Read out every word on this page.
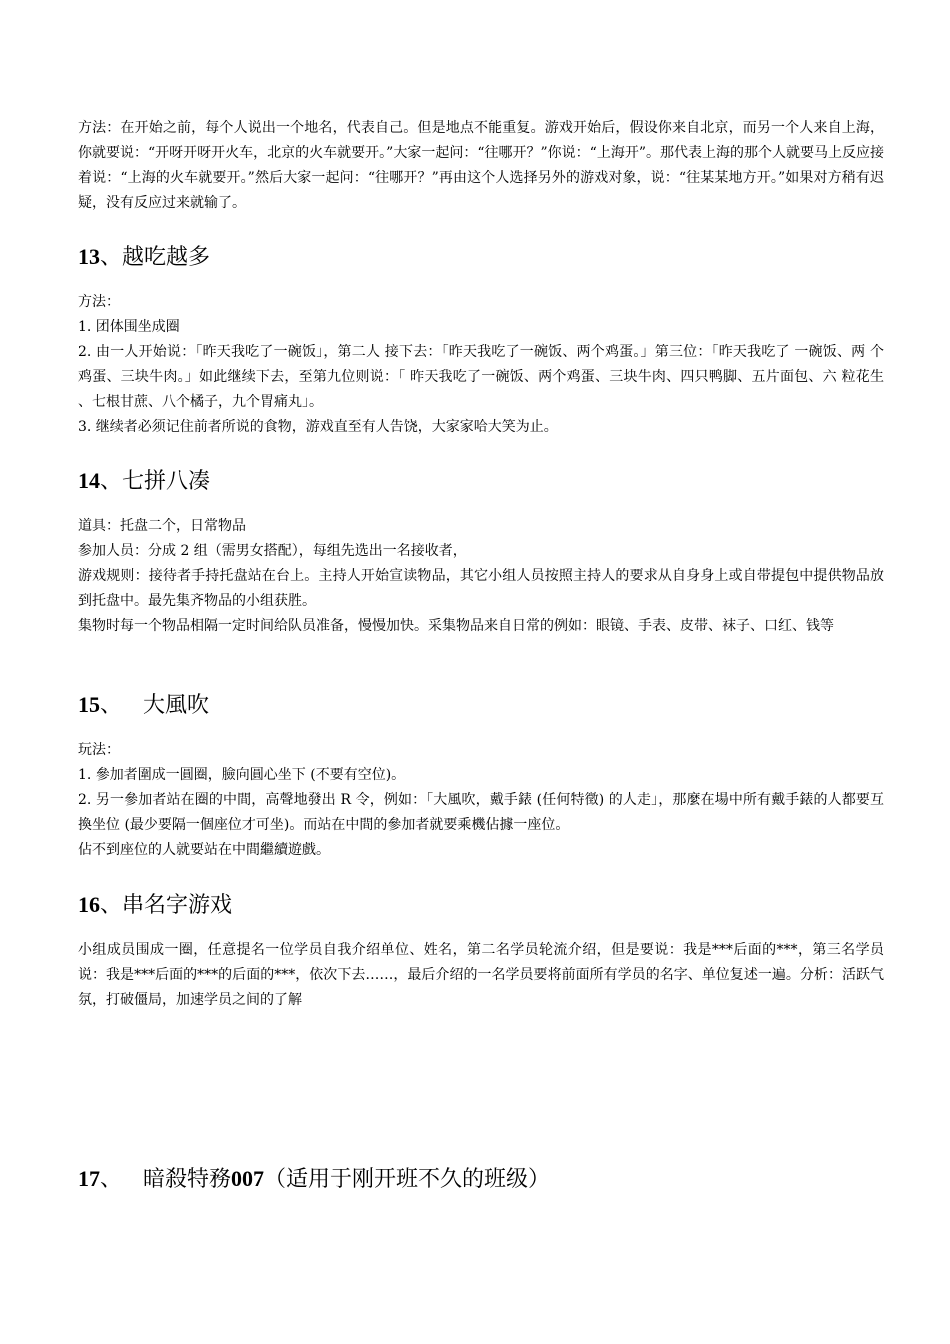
方法：在开始之前，每个人说出一个地名，代表自己。但是地点不能重复。游戏开始后，假设你来自北京，而另一个人来自上海，你就要说：“开呀开呀开火车，北京的火车就要开。”大家一起问：“往哪开？”你说：“上海开”。那代表上海的那个人就要马上反应接着说：“上海的火车就要开。”然后大家一起问：“往哪开？”再由这个人选择另外的游戏对象，说：“往某某地方开。”如果对方稍有迟疑，没有反应过来就输了。

13、越吃越多

方法：

1. 团体围坐成圈

2. 由一人开始说：「昨天我吃了一碗饭」，第二人 接下去：「昨天我吃了一碗饭、两个鸡蛋。」第三位：「昨天我吃了 一碗饭、两 个鸡蛋、三块牛肉。」如此继续下去，至第九位则说：「 昨天我吃了一碗饭、两个鸡蛋、三块牛肉、四只鸭脚、五片面包、六 粒花生 、七根甘蔗、八个橘子，九个胃痛丸」。

3. 继续者必须记住前者所说的食物，游戏直至有人告饶，大家家哈大笑为止。

14、七拼八凑

道具：托盘二个，日常物品

参加人员：分成 2 组（需男女搭配），每组先选出一名接收者，

游戏规则：接待者手持托盘站在台上。主持人开始宣读物品，其它小组人员按照主持人的要求从自身身上或自带提包中提供物品放到托盘中。最先集齐物品的小组获胜。

集物时每一个物品相隔一定时间给队员准备，慢慢加快。采集物品来自日常的例如：眼镜、手表、皮带、袜子、口红、钱等

15、 大風吹

玩法：

1. 參加者圍成一圓圈，臉向圓心坐下 (不要有空位)。

2. 另一參加者站在圈的中間，高聲地發出 R 令，例如：「大風吹，戴手錶 (任何特徵) 的人走」，那麼在場中所有戴手錶的人都要互換坐位 (最少要隔一個座位才可坐)。而站在中間的參加者就要乘機佔據一座位。

佔不到座位的人就要站在中間繼續遊戲。

16、串名字游戏

小组成员围成一圈，任意提名一位学员自我介绍单位、姓名，第二名学员轮流介绍，但是要说：我是***后面的***，第三名学员说：我是***后面的***的后面的***，依次下去……，最后介绍的一名学员要将前面所有学员的名字、单位复述一遍。分析：活跃气氛，打破僵局，加速学员之间的了解

17、 暗殺特務007（适用于刚开班不久的班级）
